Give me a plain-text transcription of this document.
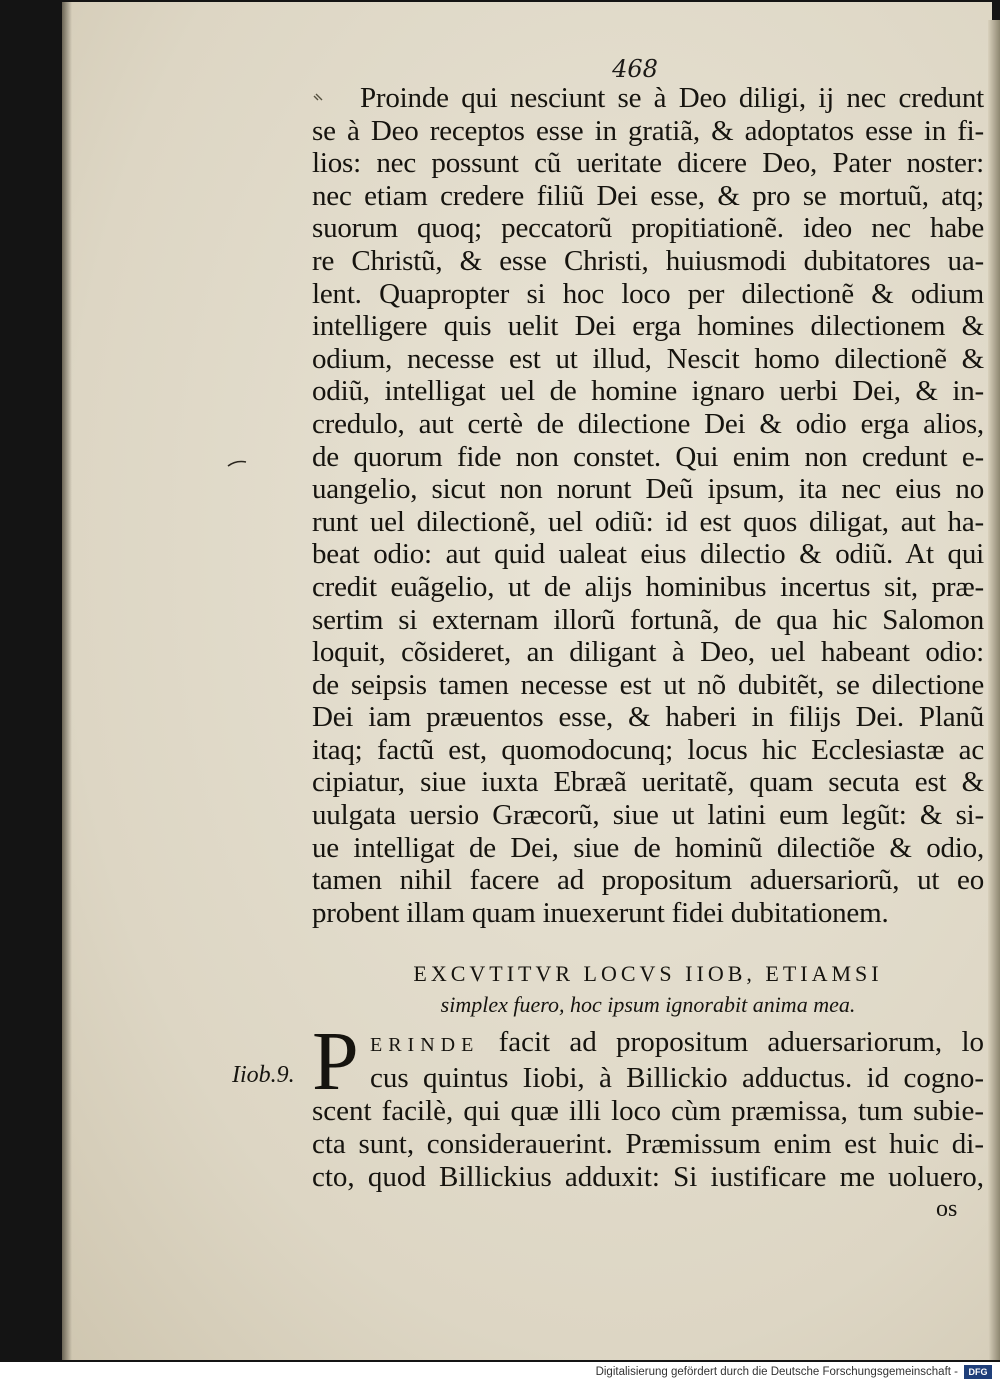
468
Proinde qui nesciunt se à Deo diligi, ij nec credunt
se à Deo receptos esse in gratiã, & adoptatos esse in fi-
lios: nec possunt cũ ueritate dicere Deo, Pater noster:
nec etiam credere filiũ Dei esse, & pro se mortuũ, atq;
suorum quoq; peccatorũ propitiationẽ. ideo nec habe
re Christũ, & esse Christi, huiusmodi dubitatores ua-
lent. Quapropter si hoc loco per dilectionẽ & odium
intelligere quis uelit Dei erga homines dilectionem &
odium, necesse est ut illud, Nescit homo dilectionẽ &
odiũ, intelligat uel de homine ignaro uerbi Dei, & in-
credulo, aut certè de dilectione Dei & odio erga alios,
de quorum fide non constet. Qui enim non credunt e-
uangelio, sicut non norunt Deũ ipsum, ita nec eius no
runt uel dilectionẽ, uel odiũ: id est quos diligat, aut ha-
beat odio: aut quid ualeat eius dilectio & odiũ. At qui
credit euãgelio, ut de alijs hominibus incertus sit, præ-
sertim si externam illorũ fortunã, de qua hic Salomon
loquit, cõsideret, an diligant à Deo, uel habeant odio:
de seipsis tamen necesse est ut nõ dubitẽt, se dilectione
Dei iam præuentos esse, & haberi in filijs Dei. Planũ
itaq; factũ est, quomodocunq; locus hic Ecclesiastæ ac
cipiatur, siue iuxta Ebræã ueritatẽ, quam secuta est &
uulgata uersio Græcorũ, siue ut latini eum legũt: & si-
ue intelligat de Dei, siue de hominũ dilectiõe & odio,
tamen nihil facere ad propositum aduersariorũ, ut eo
probent illam quam inuexerunt fidei dubitationem.
EXCVTITVR LOCVS IIOB, ETIAMSI
simplex fuero, hoc ipsum ignorabit anima mea.
P ERINDE facit ad propositum aduersariorum, lo
cus quintus Iiobi, à Billickio adductus. id cogno-
scent facilè, qui quæ illi loco cùm præmissa, tum subie-
cta sunt, considerauerint. Præmissum enim est huic di-
cto, quod Billickius adduxit: Si iustificare me uoluero,
Iiob.9.
os
Digitalisierung gefördert durch die Deutsche Forschungsgemeinschaft -	DFG
